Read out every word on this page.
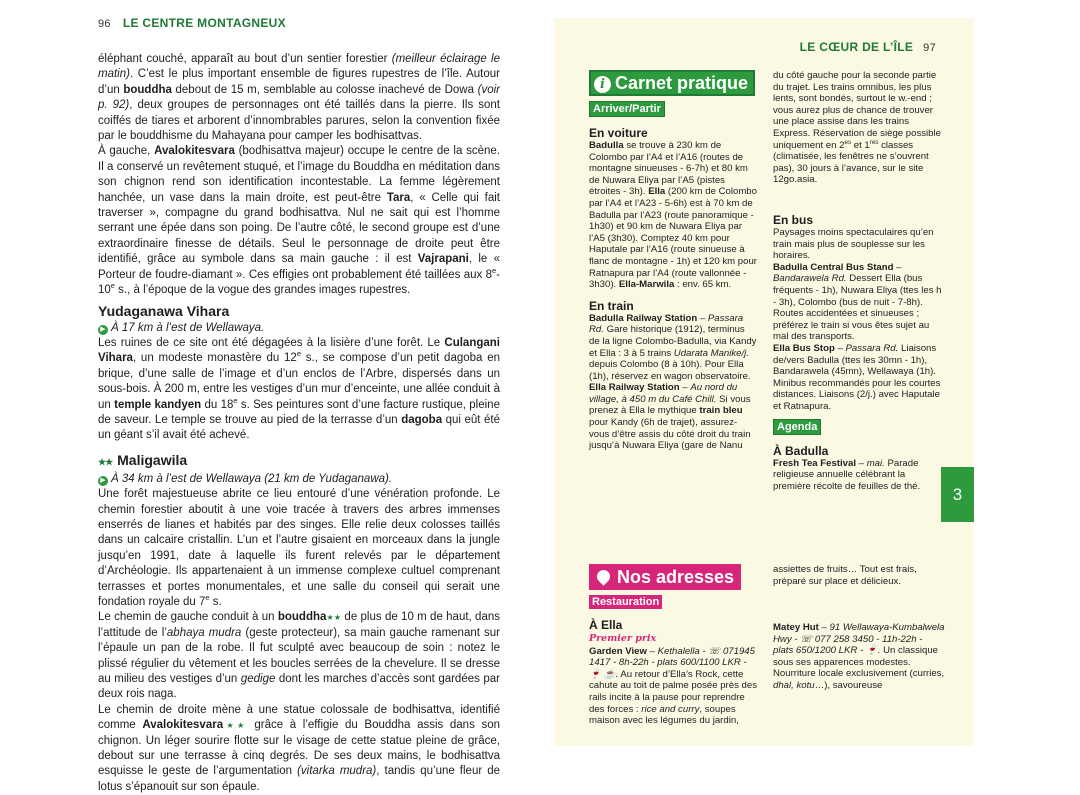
96 LE CENTRE MONTAGNEUX

éléphant couché, apparaît au bout d’un sentier forestier (meilleur éclairage le matin). C’est le plus important ensemble de figures rupestres de l’île. Autour d’un bouddha debout de 15 m, semblable au colosse inachevé de Dowa (voir p. 92), deux groupes de personnages ont été taillés dans la pierre. Ils sont coiffés de tiares et arborent d’innombrables parures, selon la convention fixée par le bouddhisme du Mahayana pour camper les bodhisattvas.

À gauche, Avalokitesvara (bodhisattva majeur) occupe le centre de la scène. Il a conservé un revêtement stuqué, et l’image du Bouddha en méditation dans son chignon rend son identification incontestable. La femme légèrement hanchée, un vase dans la main droite, est peut-être Tara, « Celle qui fait traverser », compagne du grand bodhisattva. Nul ne sait qui est l’homme serrant une épée dans son poing. De l’autre côté, le second groupe est d’une extraordinaire finesse de détails. Seul le personnage de droite peut être identifié, grâce au symbole dans sa main gauche : il est Vajrapani, le « Porteur de foudre-diamant ». Ces effigies ont probablement été taillées aux 8e-10e s., à l’époque de la vogue des grandes images rupestres.

Yudaganawa Vihara
▶ À 17 km à l’est de Wellawaya.

Les ruines de ce site ont été dégagées à la lisière d’une forêt. Le Culangani Vihara, un modeste monastère du 12e s., se compose d’un petit dagoba en brique, d’une salle de l’image et d’un enclos de l’Arbre, dispersés dans un sous-bois. À 200 m, entre les vestiges d’un mur d’enceinte, une allée conduit à un temple kandyen du 18e s. Ses peintures sont d’une facture rustique, pleine de saveur. Le temple se trouve au pied de la terrasse d’un dagoba qui eût été un géant s’il avait été achevé.

★★ Maligawila
▶ À 34 km à l’est de Wellawaya (21 km de Yudaganawa).

Une forêt majestueuse abrite ce lieu entouré d’une vénération profonde. Le chemin forestier aboutit à une voie tracée à travers des arbres immenses enserrés de lianes et habités par des singes. Elle relie deux colosses taillés dans un calcaire cristallin. L’un et l’autre gisaient en morceaux dans la jungle jusqu’en 1991, date à laquelle ils furent relevés par le département d’Archéologie. Ils appartenaient à un immense complexe cultuel comprenant terrasses et portes monumentales, et une salle du conseil qui serait une fondation royale du 7e s.

Le chemin de gauche conduit à un bouddha★★ de plus de 10 m de haut, dans l’attitude de l’abhaya mudra (geste protecteur), sa main gauche ramenant sur l’épaule un pan de la robe. Il fut sculpté avec beaucoup de soin : notez le plissé régulier du vêtement et les boucles serrées de la chevelure. Il se dresse au milieu des vestiges d’un gedige dont les marches d’accès sont gardées par deux rois naga.

Le chemin de droite mène à une statue colossale de bodhisattva, identifié comme Avalokitesvara★★ grâce à l’effigie du Bouddha assis dans son chignon. Un léger sourire flotte sur le visage de cette statue pleine de grâce, debout sur une terrasse à cinq degrés. De ses deux mains, le bodhisattva esquisse le geste de l’argumentation (vitarka mudra), tandis qu’une fleur de lotus s’épanouit sur son épaule.

LE CŒUR DE L’ÎLE 97
i Carnet pratique
Arriver/Partir
En voiture

Badulla se trouve à 230 km de Colombo par l’A4 et l’A16 (routes de montagne sinueuses - 6-7h) et 80 km de Nuwara Eliya par l’A5 (pistes étroites - 3h). Ella (200 km de Colombo par l’A4 et l’A23 - 5-6h) est à 70 km de Badulla par l’A23 (route panoramique - 1h30) et 90 km de Nuwara Eliya par l’A5 (3h30). Comptez 40 km pour Haputale par l’A16 (route sinueuse à flanc de montagne - 1h) et 120 km pour Ratnapura par l’A4 (route vallonnée - 3h30). Ella-Marwila : env. 65 km.

En train

Badulla Railway Station – Passara Rd. Gare historique (1912), terminus de la ligne Colombo-Badulla, via Kandy et Ella : 3 à 5 trains Udarata Manike/j. depuis Colombo (8 à 10h). Pour Ella (1h), réservez en wagon observatoire.

Ella Railway Station – Au nord du village, à 450 m du Café Chill. Si vous prenez à Ella le mythique train bleu pour Kandy (6h de trajet), assurez-vous d’être assis du côté droit du train jusqu’à Nuwara Eliya (gare de Nanu

du côté gauche pour la seconde partie du trajet. Les trains omnibus, les plus lents, sont bondés, surtout le w.-end ; vous aurez plus de chance de trouver une place assise dans les trains Express. Réservation de siège possible uniquement en $2^{es}$ et 1res classes (climatisée, les fenêtres ne s’ouvrent pas), 30 jours à l’avance, sur le site 12go.asia.

En bus

Paysages moins spectaculaires qu’en train mais plus de souplesse sur les horaires.

Badulla Central Bus Stand – Bandarawela Rd. Dessert Ella (bus fréquents - 1h), Nuwara Eliya (ttes les h - 3h), Colombo (bus de nuit - 7-8h). Routes accidentées et sinueuses ; préférez le train si vous êtes sujet au mal des transports.

Ella Bus Stop – Passara Rd. Liaisons de/vers Badulla (ttes les 30mn - 1h), Bandarawela (45mn), Wellawaya (1h). Minibus recommandés pour les courtes distances. Liaisons (2/j.) avec Haputale et Ratnapura.

Agenda
À Badulla

Fresh Tea Festival – mai. Parade religieuse annuelle célébrant la première récolte de feuilles de thé.

Nos adresses
Restauration
À Ella
Premier prix

Garden View – Kethalella - ☏ 071945 1417 - 8h-22h - plats 600/1100 LKR - 🍷 ☕. Au retour d’Ella’s Rock, cette cahute au toit de palme posée près des rails incite à la pause pour reprendre des forces : rice and curry, soupes maison avec les légumes du jardin,

assiettes de fruits… Tout est frais, préparé sur place et délicieux.

Matey Hut – 91 Wellawaya-Kumbalwela Hwy - ☏ 077 258 3450 - 11h-22h - plats 650/1200 LKR - 🍷. Un classique sous ses apparences modestes. Nourriture locale exclusivement (curries, dhal, kotu…), savoureuse

3
